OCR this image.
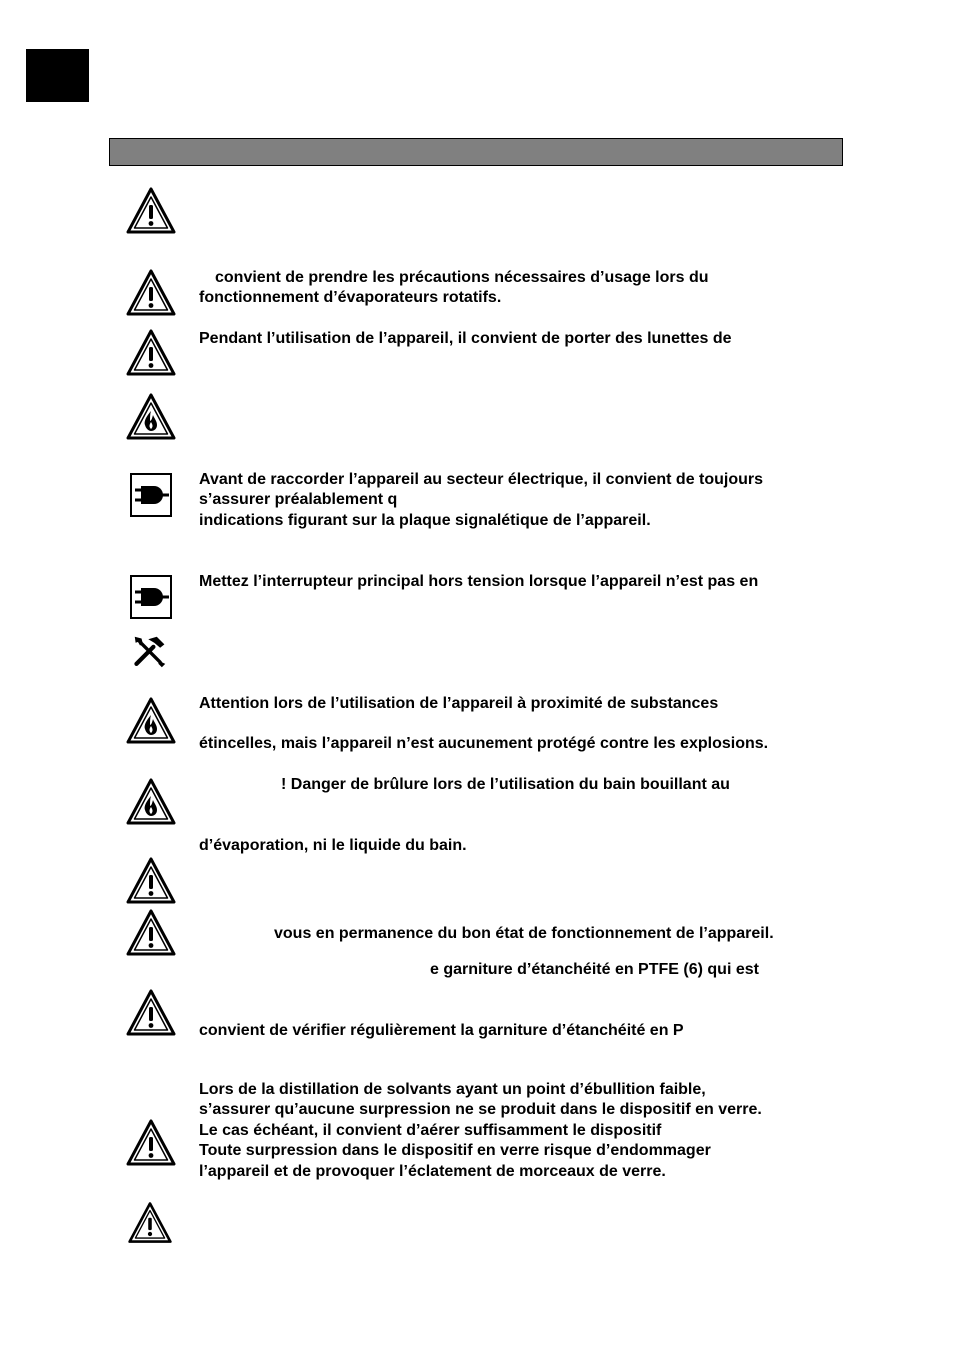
convient de prendre les précautions nécessaires d’usage lors du
fonctionnement d’évaporateurs rotatifs.
Pendant l’utilisation de l’appareil, il convient de porter des lunettes de
Avant de raccorder l’appareil au secteur électrique, il convient de toujours
s’assurer préalablement q
indications figurant sur la plaque signalétique de l’appareil.
Mettez l’interrupteur principal hors tension lorsque l’appareil n’est pas en
Attention lors de l’utilisation de l’appareil à proximité de substances
étincelles, mais l’appareil n’est aucunement protégé contre les explosions.
! Danger de brûlure lors de l’utilisation du bain bouillant au
d’évaporation, ni le liquide du bain.
vous en permanence du bon état de fonctionnement de l’appareil.
e garniture d’étanchéité en PTFE (6) qui est
convient de vérifier régulièrement la garniture d’étanchéité en P
Lors de la distillation de solvants ayant un point d’ébullition faible,
s’assurer qu’aucune surpression ne se produit dans le dispositif en verre.
Le cas échéant, il convient d’aérer suffisamment le dispositif
Toute surpression dans le dispositif en verre risque d’endommager
l’appareil et de provoquer l’éclatement de morceaux de verre.
